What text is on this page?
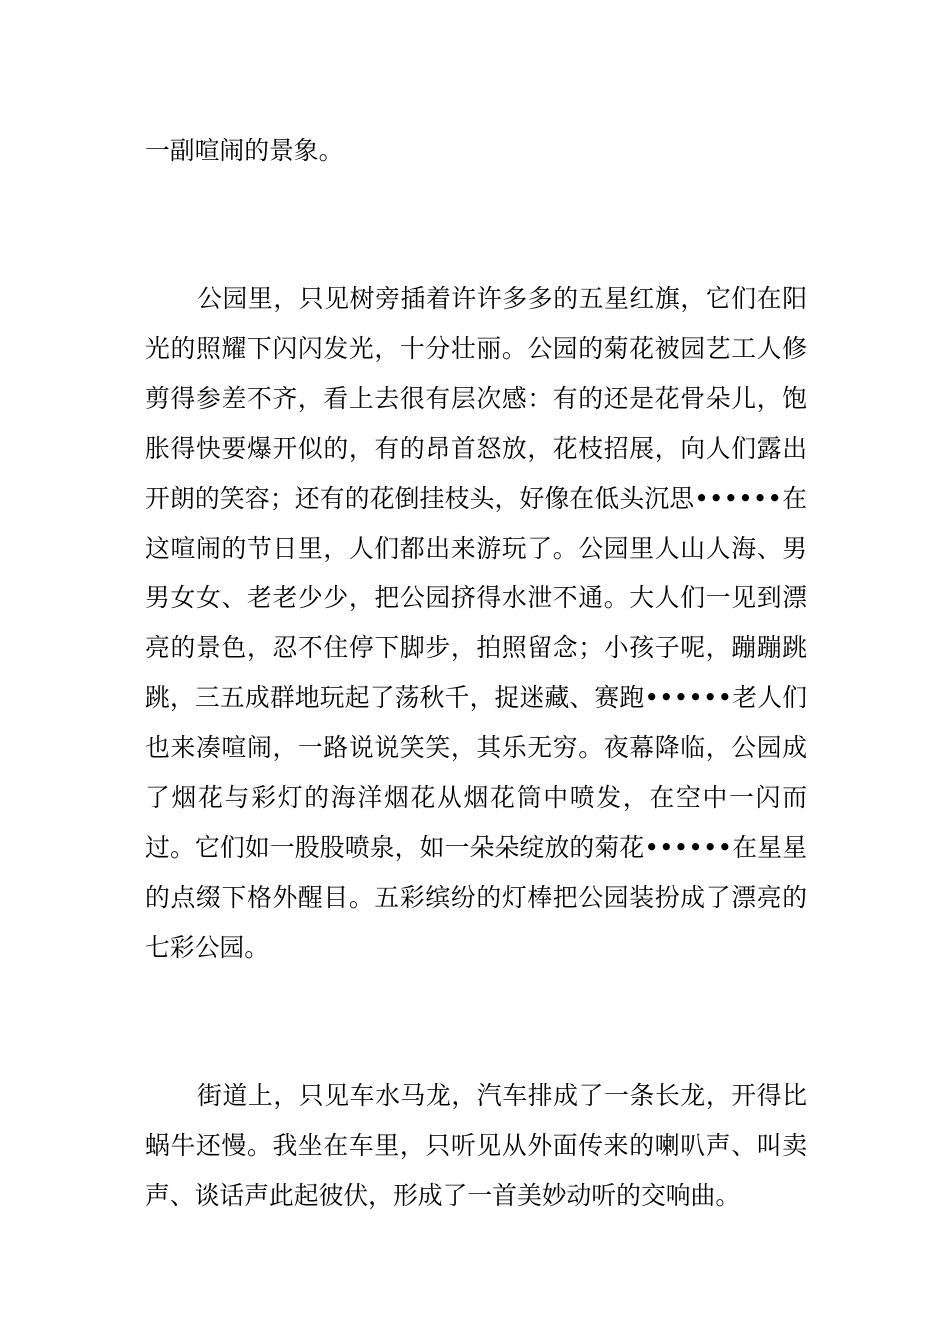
一副喧闹的景象。

公园里，只见树旁插着许许多多的五星红旗，它们在阳光的照耀下闪闪发光，十分壮丽。公园的菊花被园艺工人修剪得参差不齐，看上去很有层次感：有的还是花骨朵儿，饱胀得快要爆开似的，有的昂首怒放，花枝招展，向人们露出开朗的笑容；还有的花倒挂枝头，好像在低头沉思••••••在这喧闹的节日里，人们都出来游玩了。公园里人山人海、男男女女、老老少少，把公园挤得水泄不通。大人们一见到漂亮的景色，忍不住停下脚步，拍照留念；小孩子呢，蹦蹦跳跳，三五成群地玩起了荡秋千，捉迷藏、赛跑••••••老人们也来凑喧闹，一路说说笑笑，其乐无穷。夜幕降临，公园成了烟花与彩灯的海洋烟花从烟花筒中喷发，在空中一闪而过。它们如一股股喷泉，如一朵朵绽放的菊花••••••在星星的点缀下格外醒目。五彩缤纷的灯棒把公园装扮成了漂亮的七彩公园。

街道上，只见车水马龙，汽车排成了一条长龙，开得比蜗牛还慢。我坐在车里，只听见从外面传来的喇叭声、叫卖声、谈话声此起彼伏，形成了一首美妙动听的交响曲。
